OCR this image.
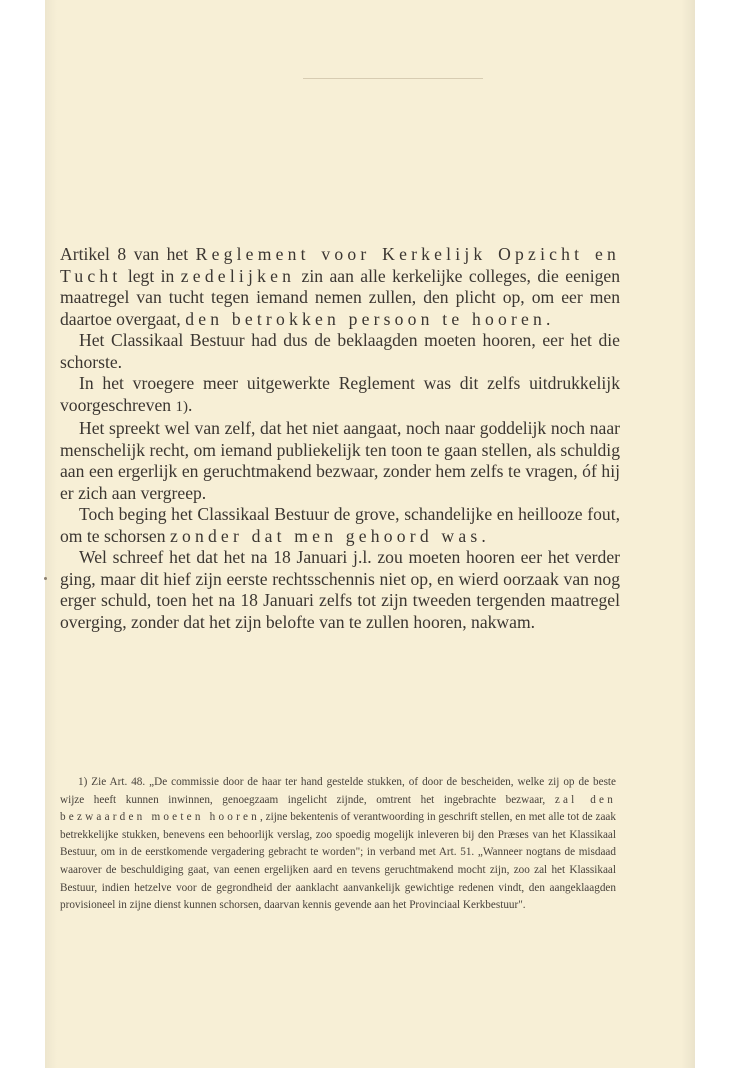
Artikel 8 van het Reglement voor Kerkelijk Opzicht en Tucht legt in zedelijken zin aan alle kerkelijke colleges, die eenigen maatregel van tucht tegen iemand nemen zullen, den plicht op, om eer men daartoe overgaat, den betrokken persoon te hooren.

Het Classikaal Bestuur had dus de beklaagden moeten hooren, eer het die schorste.

In het vroegere meer uitgewerkte Reglement was dit zelfs uitdrukkelijk voorgeschreven 1).

Het spreekt wel van zelf, dat het niet aangaat, noch naar goddelijk noch naar menschelijk recht, om iemand publiekelijk ten toon te gaan stellen, als schuldig aan een ergerlijk en geruchtmakend bezwaar, zonder hem zelfs te vragen, óf hij er zich aan vergreep.

Toch beging het Classikaal Bestuur de grove, schandelijke en heillooze fout, om te schorsen zonder dat men gehoord was.

Wel schreef het dat het na 18 Januari j.l. zou moeten hooren eer het verder ging, maar dit hief zijn eerste rechtsschennis niet op, en wierd oorzaak van nog erger schuld, toen het na 18 Januari zelfs tot zijn tweeden tergenden maatregel overging, zonder dat het zijn belofte van te zullen hooren, nakwam.

1) Zie Art. 48. „De commissie door de haar ter hand gestelde stukken, of door de bescheiden, welke zij op de beste wijze heeft kunnen inwinnen, genoegzaam ingelicht zijnde, omtrent het ingebrachte bezwaar, zal den bezwaarden moeten hooren, zijne bekentenis of verantwoording in geschrift stellen, en met alle tot de zaak betrekkelijke stukken, benevens een behoorlijk verslag, zoo spoedig mogelijk inleveren bij den Præses van het Klassikaal Bestuur, om in de eerstkomende vergadering gebracht te worden"; in verband met Art. 51. „Wanneer nogtans de misdaad waarover de beschuldiging gaat, van eenen ergelijken aard en tevens geruchtmakend mocht zijn, zoo zal het Klassikaal Bestuur, indien hetzelve voor de gegrondheid der aanklacht aanvankelijk gewichtige redenen vindt, den aangeklaagden provisioneel in zijne dienst kunnen schorsen, daarvan kennis gevende aan het Provinciaal Kerkbestuur".
